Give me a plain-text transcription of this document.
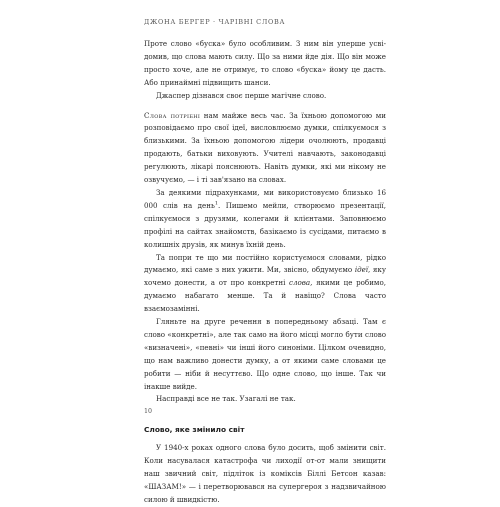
ДЖОНА БЕРГЕР · ЧАРІВНІ СЛОВА

Проте слово «буска» було особливим. З ним він уперше усві- домив, що слова мають силу. Що за ними йде дія. Що він може просто хоче, але не отримує, то слово «буска» йому це дасть. Або принаймні підвищить шанси.

Джаспер дізнався своє перше магічне слово.

Слова потрібні нам майже весь час. За їхньою допомогою ми розповідаємо про свої ідеї, висловлюємо думки, спілкуємося з близькими. За їхньою допомогою лідери очолюють, продавці продають, батьки виховують. Учителі навчають, законодавці регулюють, лікарі пояснюють. Навіть думки, які ми нікому не озвучуємо, — і ті зав'язано на словах.

За деякими підрахунками, ми використовуємо близько 16 000 слів на день$^1$. Пишемо мейли, створюємо презентації, спілкуємося з друзями, колегами й клієнтами. Заповнюємо профілі на сайтах знайомств, базікаємо із сусідами, питаємо в колишніх друзів, як минув їхній день.

Та попри те що ми постійно користуємося словами, рідко думаємо, які саме з них ужити. Ми, звісно, обдумуємо ідеї, яку хочемо донести, а от про конкретні слова, якими це робимо, думаємо набагато менше. Та й навіщо? Слова часто взаємозамінні.

Гляньте на друге речення в попередньому абзаці. Там є слово «конкретні», але так само на його місці могло бути слово «визначені», «певні» чи інші його синоніми. Цілком очевидно, що нам важливо донести думку, а от якими саме словами це робити — ніби й несуттєво. Що одне слово, що інше. Так чи інакше вийде.

Насправді все не так. Узагалі не так.

Слово, яке змінило світ

У 1940-х роках одного слова було досить, щоб змінити світ. Коли насувалася катастрофа чи лиходії от-от мали знищити наш звичний світ, підліток із коміксів Біллі Бетсон казав: «ШАЗАМ!» — і перетворювався на супергероя з надзвичайною силою й швидкістю.

10
